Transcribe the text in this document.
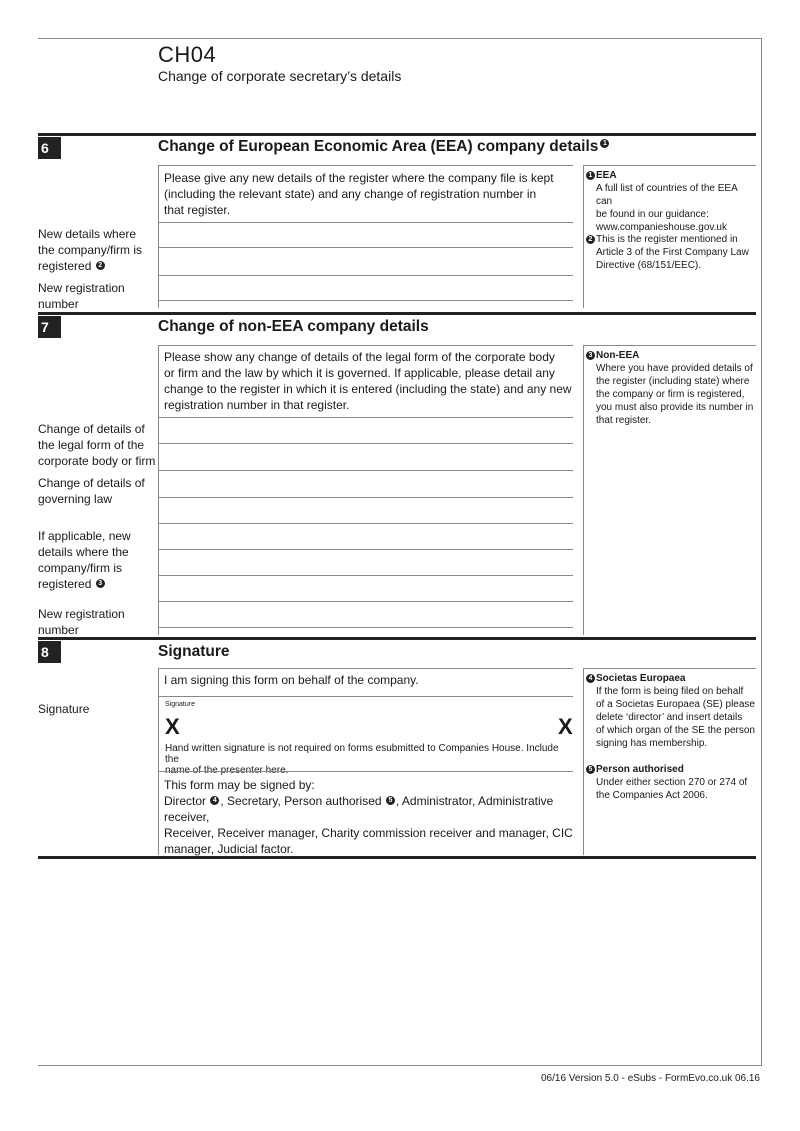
CH04
Change of corporate secretary’s details
6	Change of European Economic Area (EEA) company details 1
Please give any new details of the register where the company file is kept
(including the relevant state) and any change of registration number in
that register.
New details where
the company/firm is
registered 2
New registration
number
1 EEA
A full list of countries of the EEA can
be found in our guidance:
www.companieshouse.gov.uk
2 This is the register mentioned in
Article 3 of the First Company Law
Directive (68/151/EEC).
7	Change of non-EEA company details
Please show any change of details of the legal form of the corporate body
or firm and the law by which it is governed. If applicable, please detail any
change to the register in which it is entered (including the state) and any new
registration number in that register.
Change of details of
the legal form of the
corporate body or firm
Change of details of
governing law
If applicable, new
details where the
company/firm is
registered 3
New registration
number
3 Non-EEA
Where you have provided details of
the register (including state) where
the company or firm is registered,
you must also provide its number in
that register.
8	Signature
I am signing this form on behalf of the company.
Signature	Signature
X	X
Hand written signature is not required on forms esubmitted to Companies House. Include the
This form may be signed by:
Director 4 , Secretary, Person authorised 5 , Administrator, Administrative receiver,
Receiver, Receiver manager, Charity commission receiver and manager, CIC
manager, Judicial factor.
4 Societas Europaea
If the form is being filed on behalf
of a Societas Europaea (SE) please
delete ‘director’ and insert details
of which organ of the SE the person
signing has membership.
5 Person authorised
Under either section 270 or 274 of
the Companies Act 2006.
06/16 Version 5.0 - eSubs - FormEvo.co.uk 06.16
